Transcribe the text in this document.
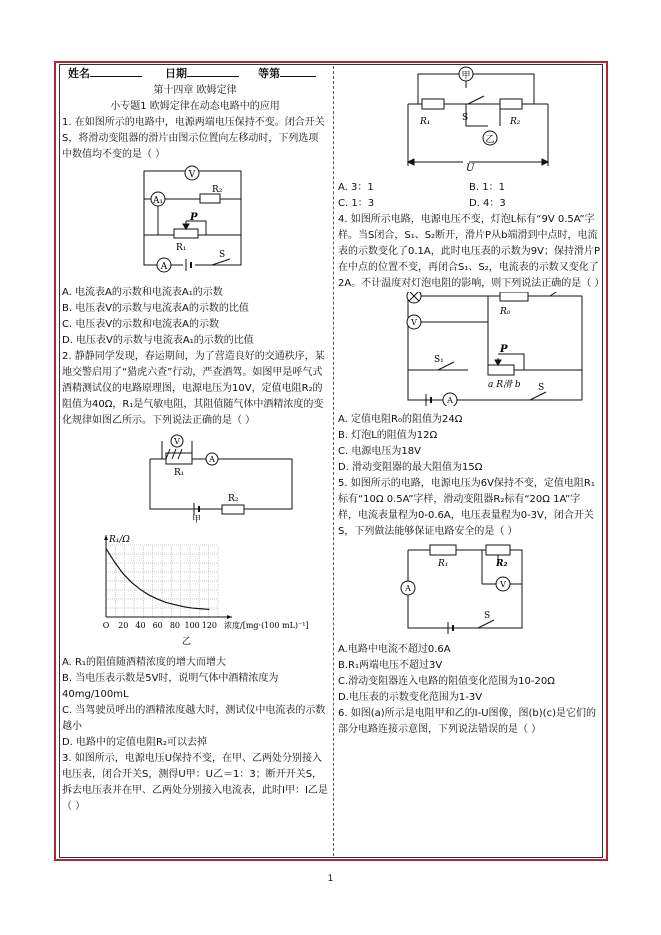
姓名	日期	等第

第十四章 欧姆定律

小专题1 欧姆定律在动态电路中的应用

1. 在如图所示的电路中，电源两端电压保持不变。闭合开关S，将滑动变阻器的滑片由图示位置向左移动时，下列选项中数值均不变的是（ ）

V
A₁
R₂
P
R₁
A
S

A. 电流表A的示数和电流表A₁的示数

B. 电压表V的示数与电流表A的示数的比值

C. 电压表V的示数和电流表A的示数

D. 电压表V的示数与电流表A₁的示数的比值

2. 静静同学发现，春运期间，为了营造良好的交通秩序，某地交警启用了“猎虎六查”行动，严查酒驾。如图甲是呼气式酒精测试仪的电路原理图，电源电压为10V，定值电阻R₂的阻值为40Ω，R₁是气敏电阻，其阻值随气体中酒精浓度的变化规律如图乙所示。下列说法正确的是（ ）

V
R₁
A
R₂
甲

O 20 40 60 80 100 120
R₁/Ω
浓度/[mg·(100 mL)⁻¹]
乙

A. R₁的阻值随酒精浓度的增大而增大

B. 当电压表示数是5V时，说明气体中酒精浓度为40mg/100mL

C. 当驾驶员呼出的酒精浓度越大时，测试仪中电流表的示数越小

D. 电路中的定值电阻R₂可以去掉

3. 如图所示，电源电压U保持不变，在甲、乙两处分别接入电压表，闭合开关S，测得U甲：U乙＝1：3；断开开关S，拆去电压表并在甲、乙两处分别接入电流表，此时I甲：I乙是（ ）

甲
乙
R₁	S	R₂
U
A. 3：1	B. 1：1
C. 1：3	D. 4：3

4. 如图所示电路，电源电压不变，灯泡L标有“9V 0.5A”字样。当S闭合，S₁、S₂断开，滑片P从b端滑到中点时，电流表的示数变化了0.1A，此时电压表的示数为9V；保持滑片P在中点的位置不变，再闭合S₁、S₂，电流表的示数又变化了2A。不计温度对灯泡电阻的影响，则下列说法正确的是（ ）

R₀
V
P
S₁
a R滑 b
A
S

A. 定值电阻R₀的阻值为24Ω

B. 灯泡L的阻值为12Ω

C. 电源电压为18V

D. 滑动变阻器的最大阻值为15Ω

5. 如图所示的电路，电源电压为6V保持不变，定值电阻R₁标有“10Ω 0.5A”字样，滑动变阻器R₂标有“20Ω 1A”字样，电流表量程为0-0.6A，电压表量程为0-3V，闭合开关S，下列做法能够保证电路安全的是（ ）

R₁	R₂
A	V
S

A.电路中电流不超过0.6A

B.R₁两端电压不超过3V

C.滑动变阻器连入电路的阻值变化范围为10-20Ω

D.电压表的示数变化范围为1-3V

6. 如图(a)所示是电阻甲和乙的I-U图像，图(b)(c)是它们的部分电路连接示意图，下列说法错误的是（ ）

1
